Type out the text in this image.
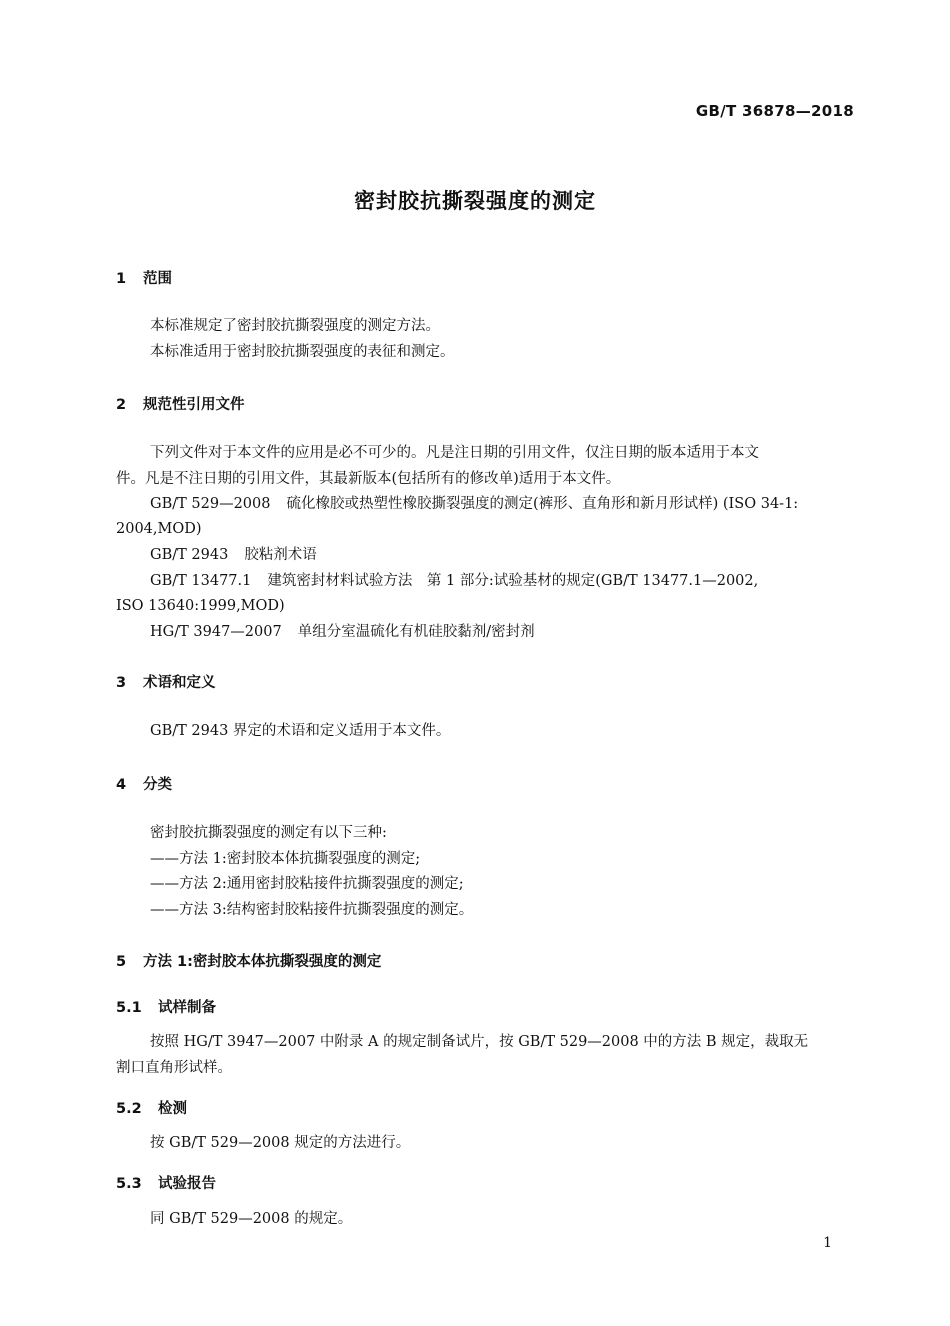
GB/T 36878—2018
密封胶抗撕裂强度的测定
1 范围
本标准规定了密封胶抗撕裂强度的测定方法。
本标准适用于密封胶抗撕裂强度的表征和测定。
2 规范性引用文件
下列文件对于本文件的应用是必不可少的。凡是注日期的引用文件，仅注日期的版本适用于本文
件。凡是不注日期的引用文件，其最新版本(包括所有的修改单)适用于本文件。
GB/T 529—2008 硫化橡胶或热塑性橡胶撕裂强度的测定(裤形、直角形和新月形试样) (ISO 34-1:
2004,MOD)
GB/T 2943 胶粘剂术语
GB/T 13477.1 建筑密封材料试验方法　第 1 部分:试验基材的规定(GB/T 13477.1—2002,
ISO 13640:1999,MOD)
HG/T 3947—2007 单组分室温硫化有机硅胶黏剂/密封剂
3 术语和定义
GB/T 2943 界定的术语和定义适用于本文件。
4 分类
密封胶抗撕裂强度的测定有以下三种:
——方法 1:密封胶本体抗撕裂强度的测定;
——方法 2:通用密封胶粘接件抗撕裂强度的测定;
——方法 3:结构密封胶粘接件抗撕裂强度的测定。
5 方法 1:密封胶本体抗撕裂强度的测定
5.1 试样制备
按照 HG/T 3947—2007 中附录 A 的规定制备试片，按 GB/T 529—2008 中的方法 B 规定，裁取无
割口直角形试样。
5.2 检测
按 GB/T 529—2008 规定的方法进行。
5.3 试验报告
同 GB/T 529—2008 的规定。
1
